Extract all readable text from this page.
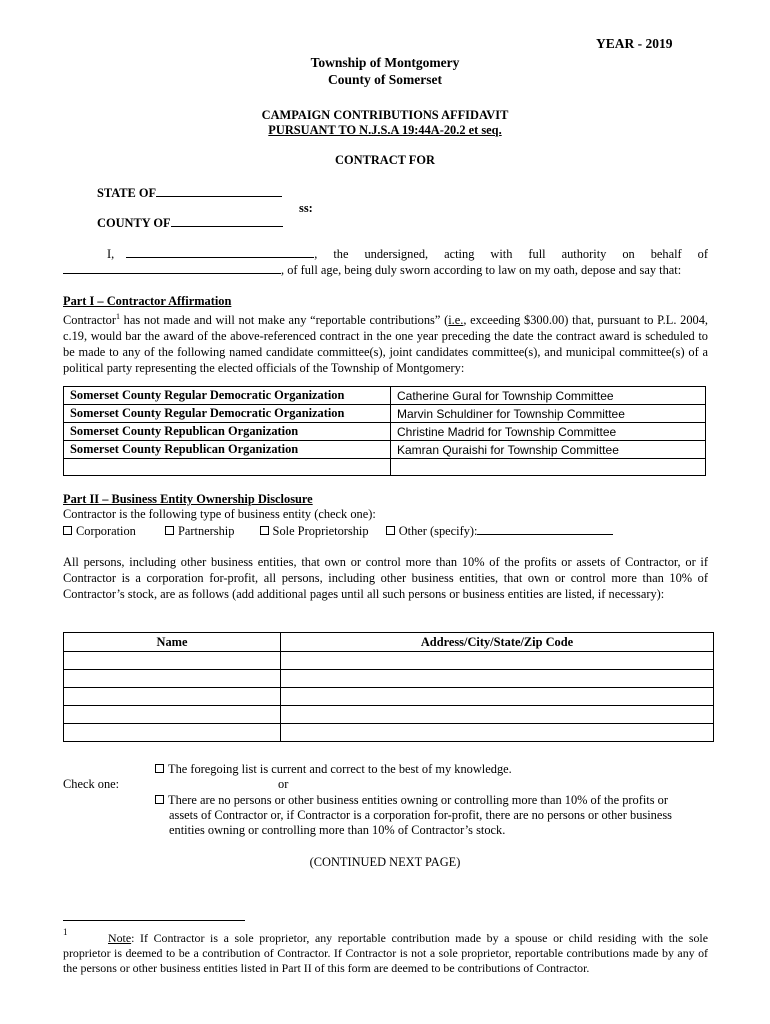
YEAR - 2019
Township of Montgomery
County of Somerset
CAMPAIGN CONTRIBUTIONS AFFIDAVIT
PURSUANT TO N.J.S.A 19:44A-20.2 et seq.
CONTRACT FOR
STATE OF
ss:
COUNTY OF
I,	, the undersigned, acting with full authority on behalf of
, of full age, being duly sworn according to law on my oath, depose and say that:
Part I – Contractor Affirmation
Contractor$^1$ has not made and will not make any “reportable contributions” (i.e., exceeding $300.00) that, pursuant to P.L. 2004, c.19, would bar the award of the above-referenced contract in the one year preceding the date the contract award is scheduled to be made to any of the following named candidate committee(s), joint candidates committee(s), and municipal committee(s) of a political party representing the elected officials of the Township of Montgomery:
Somerset County Regular Democratic Organization	Catherine Gural for Township Committee
Somerset County Regular Democratic Organization	Marvin Schuldiner for Township Committee
Somerset County Republican Organization	Christine Madrid for Township Committee
Somerset County Republican Organization	Kamran Quraishi for Township Committee

Part II – Business Entity Ownership Disclosure
Contractor is the following type of business entity (check one):
Corporation	Partnership	Sole Proprietorship Other (specify):
All persons, including other business entities, that own or control more than 10% of the profits or assets of Contractor, or if Contractor is a corporation for-profit, all persons, including other business entities, that own or control more than 10% of Contractor’s stock, are as follows (add additional pages until all such persons or business entities are listed, if necessary):
Name	Address/City/State/Zip Code

The foregoing list is current and correct to the best of my knowledge.
Check one:	or
There are no persons or other business entities owning or controlling more than 10% of the profits or
assets of Contractor or, if Contractor is a corporation for-profit, there are no persons or other business
entities owning or controlling more than 10% of Contractor’s stock.
(CONTINUED NEXT PAGE)
1	Note: If Contractor is a sole proprietor, any reportable contribution made by a spouse or child residing with the sole proprietor is deemed to be a contribution of Contractor. If Contractor is not a sole proprietor, reportable contributions made by any of the persons or other business entities listed in Part II of this form are deemed to be contributions of Contractor.
